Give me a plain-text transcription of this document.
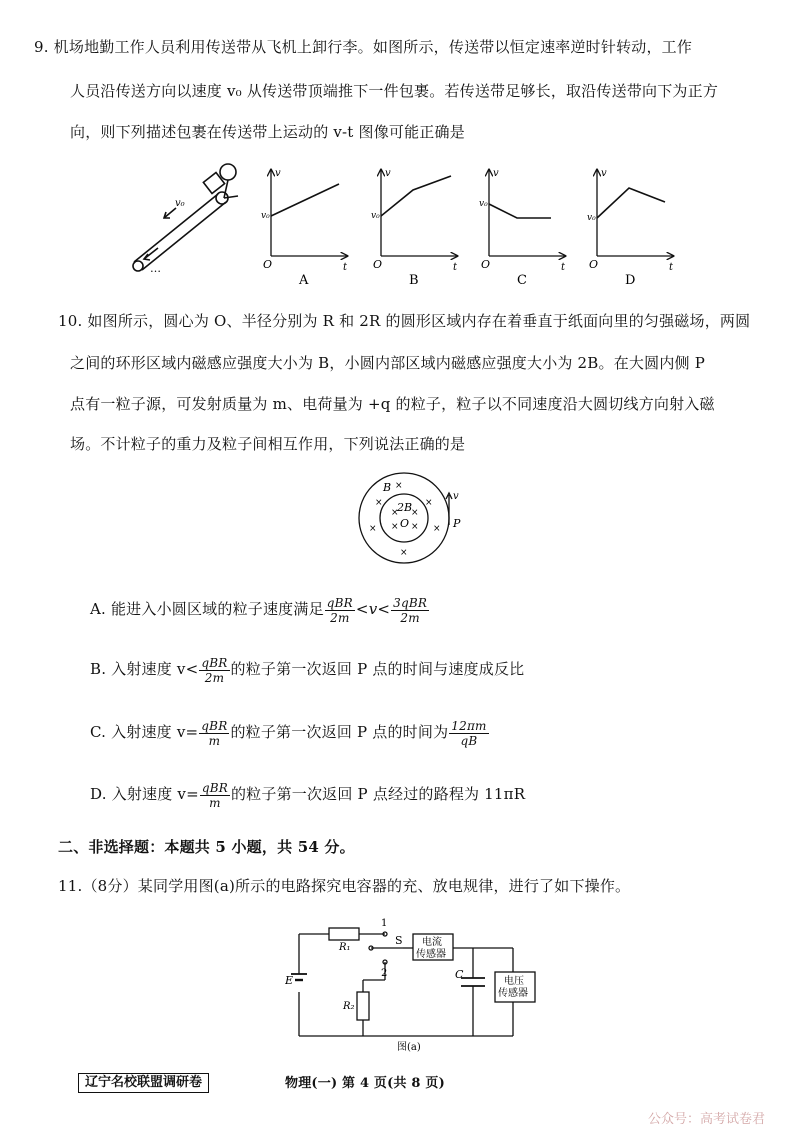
9. 机场地勤工作人员利用传送带从飞机上卸行李。如图所示，传送带以恒定速率逆时针转动，工作
人员沿传送方向以速度 v₀ 从传送带顶端推下一件包裹。若传送带足够长，取沿传送带向下为正方
向，则下列描述包裹在传送带上运动的 v-t 图像可能正确是
v₀
…
v
v₀
O	t
A
v
v₀
O	t
B
v
v₀
O	t
C
v
v₀
O	t
D
10. 如图所示，圆心为 O、半径分别为 R 和 2R 的圆形区域内存在着垂直于纸面向里的匀强磁场，两圆
之间的环形区域内磁感应强度大小为 B，小圆内部区域内磁感应强度大小为 2B。在大圆内侧 P
点有一粒子源，可发射质量为 m、电荷量为 +q 的粒子，粒子以不同速度沿大圆切线方向射入磁
场。不计粒子的重力及粒子间相互作用，下列说法正确的是
×
×	×
×	×
×
× ×
× ×
B
2B
O
v
P
A. 能进入小圆区域的粒子速度满足 $\frac{\text{qBR}}{2m} <v< \frac{\text{3qBR}}{2m}$
B. 入射速度 $v< \frac{\text{qBR}}{2m}$ 的粒子第一次返回 P 点的时间与速度成反比
C. 入射速度 $v= \frac{\text{qBR}}{m}$ 的粒子第一次返回 P 点的时间为 $\frac{12\pi m}{qB}$
D. 入射速度 $v= \frac{\text{qBR}}{m}$ 的粒子第一次返回 P 点经过的路程为 11πR
二、非选择题：本题共 5 小题，共 54 分。
11.（8分）某同学用图(a)所示的电路探究电容器的充、放电规律，进行了如下操作。
R₁
R₂
E
S
C
1
2
电流
传感器
电压
传感器
图(a)
辽宁名校联盟调研卷	物理(一) 第 4 页(共 8 页)
公众号：高考试卷君
